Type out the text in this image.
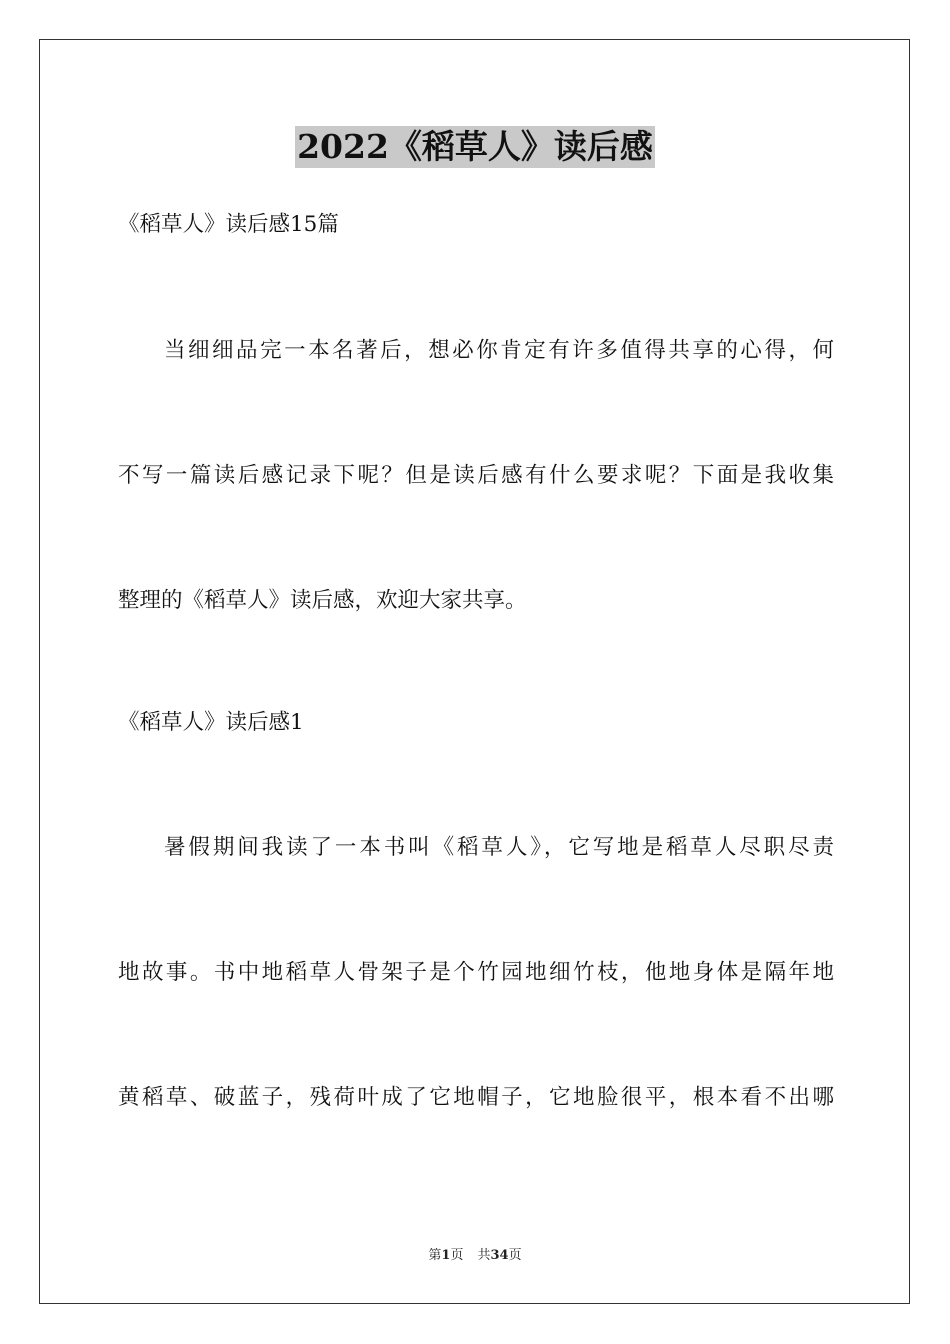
2022《稻草人》读后感
《稻草人》读后感15篇
当细细品完一本名著后，想必你肯定有许多值得共享的心得，何
不写一篇读后感记录下呢？但是读后感有什么要求呢？下面是我收集
整理的《稻草人》读后感，欢迎大家共享。
《稻草人》读后感1
暑假期间我读了一本书叫《稻草人》，它写地是稻草人尽职尽责
地故事。书中地稻草人骨架子是个竹园地细竹枝，他地身体是隔年地
黄稻草、破蓝子，残荷叶成了它地帽子，它地脸很平，根本看不出哪
第1页 共34页
